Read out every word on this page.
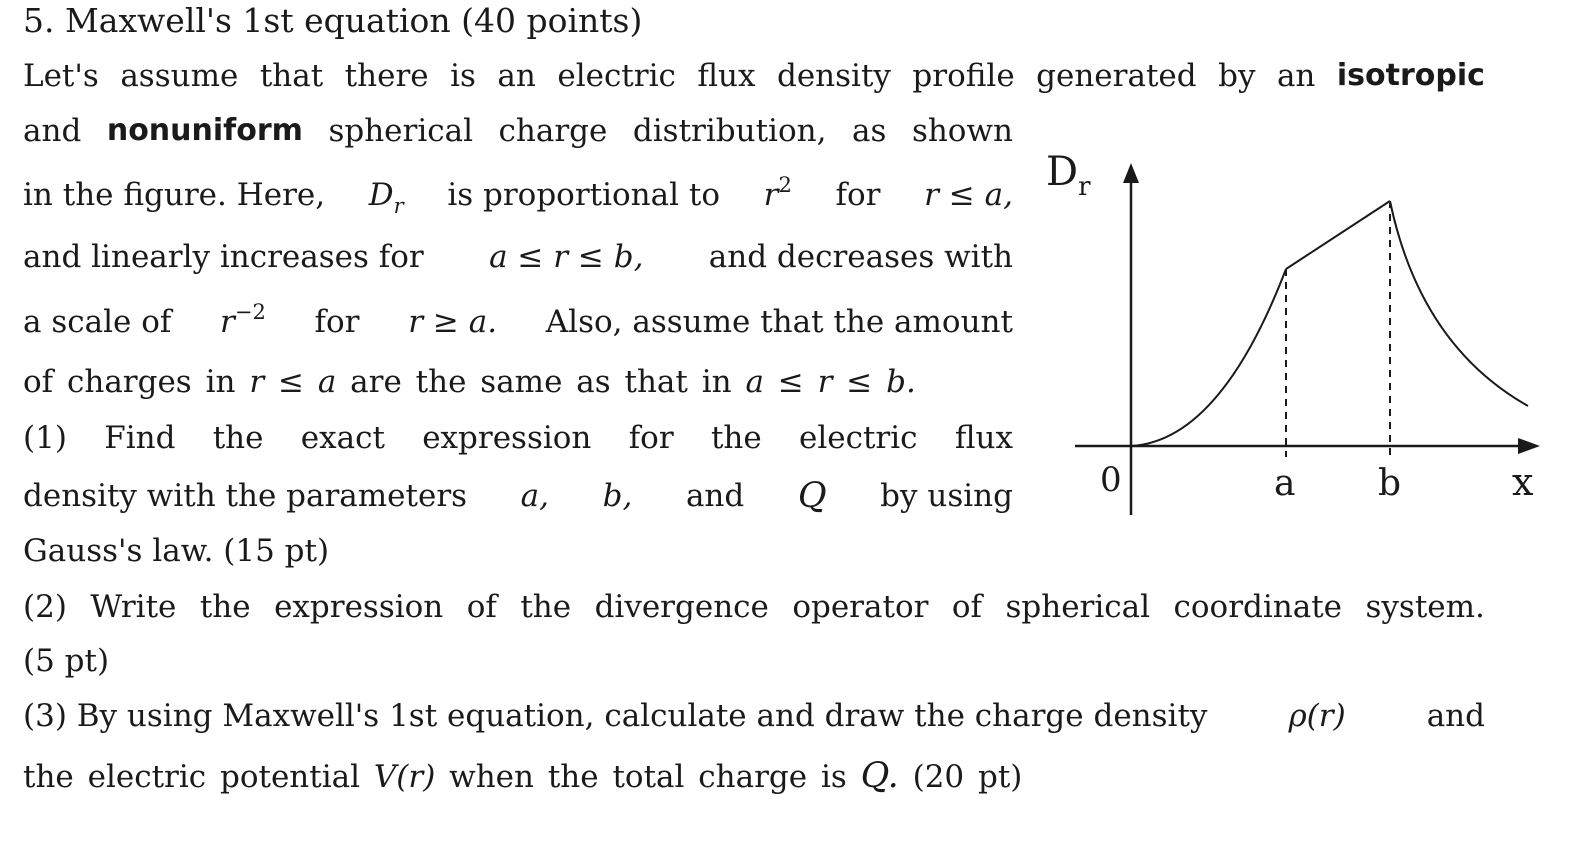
5. Maxwell's 1st equation (40 points)
Let's assume that there is an electric flux density profile generated by an isotropic
and nonuniform spherical charge distribution, as shown
in the figure. Here, $D_r$ is proportional to $r^2$ for r ≤ a,
and linearly increases for a ≤ r ≤ b, and decreases with
a scale of $r^{-2}$ for r ≥ a. Also, assume that the amount
of charges in r ≤ a are the same as that in a ≤ r ≤ b.
(1) Find the exact expression for the electric flux
density with the parameters a, b, and Q by using
Gauss's law. (15 pt)
(2) Write the expression of the divergence operator of spherical coordinate system.
(5 pt)
(3) By using Maxwell's 1st equation, calculate and draw the charge density	ρ(r)	and
the electric potential V(r) when the total charge is Q. (20 pt)
$D_r$
0	a b	x
